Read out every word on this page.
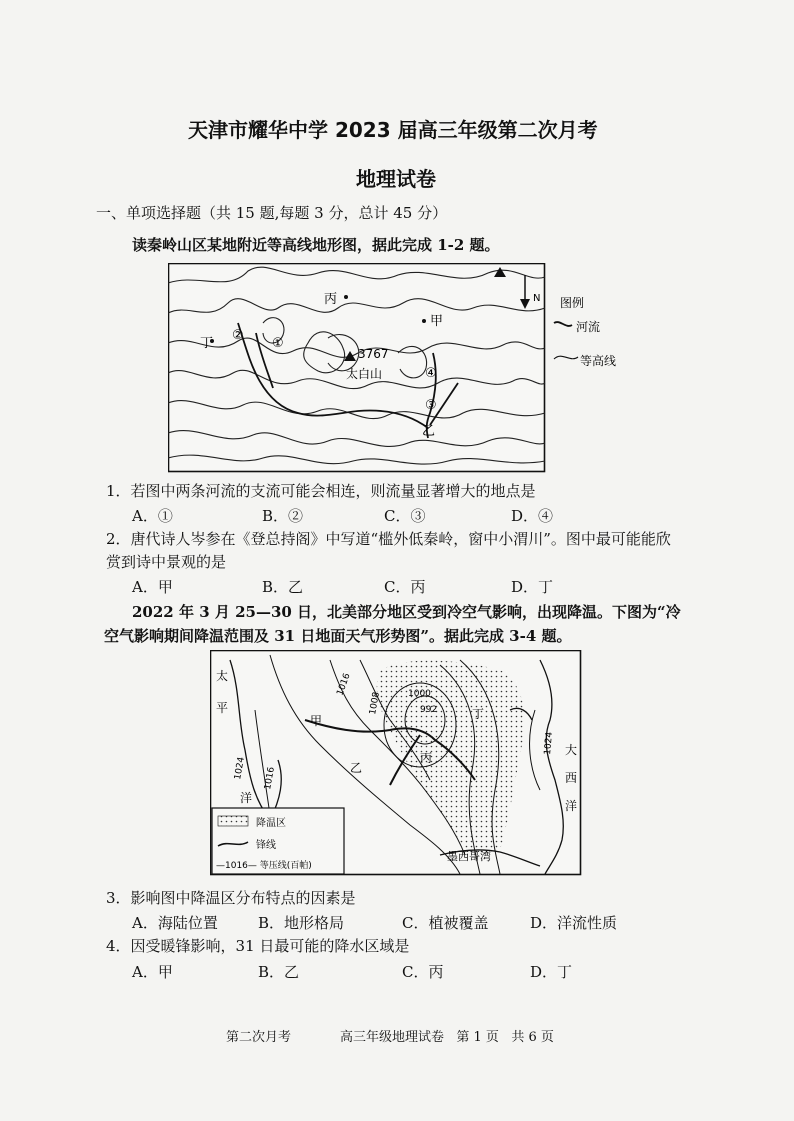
天津市耀华中学 2023 届高三年级第二次月考
地理试卷
一、单项选择题（共 15 题,每题 3 分，总计 45 分）
读秦岭山区某地附近等高线地形图，据此完成 1-2 题。
N
3767
太白山
丙
甲
丁
乙
②
①
④
③
图例
河流
等高线
1．若图中两条河流的支流可能会相连，则流量显著增大的地点是
A．①	B．②	C．③	D．④
2．唐代诗人岑参在《登总持阁》中写道“槛外低秦岭，窗中小渭川”。图中最可能能欣
赏到诗中景观的是
A．甲	B．乙	C．丙	D．丁
2022 年 3 月 25—30 日，北美部分地区受到冷空气影响，出现降温。下图为“冷
空气影响期间降温范围及 31 日地面天气形势图”。据此完成 3-4 题。
太
平
洋
大
西
洋
甲
乙
丙
丁
1016
1008	1000
992
1024 1016
1024
墨西哥湾
降温区
锋线
—1016— 等压线(百帕)
3．影响图中降温区分布特点的因素是
A．海陆位置	B．地形格局	C．植被覆盖	D．洋流性质
4．因受暖锋影响，31 日最可能的降水区域是
A．甲	B．乙	C．丙	D．丁
第二次月考	高三年级地理试卷   第 1 页   共 6 页
